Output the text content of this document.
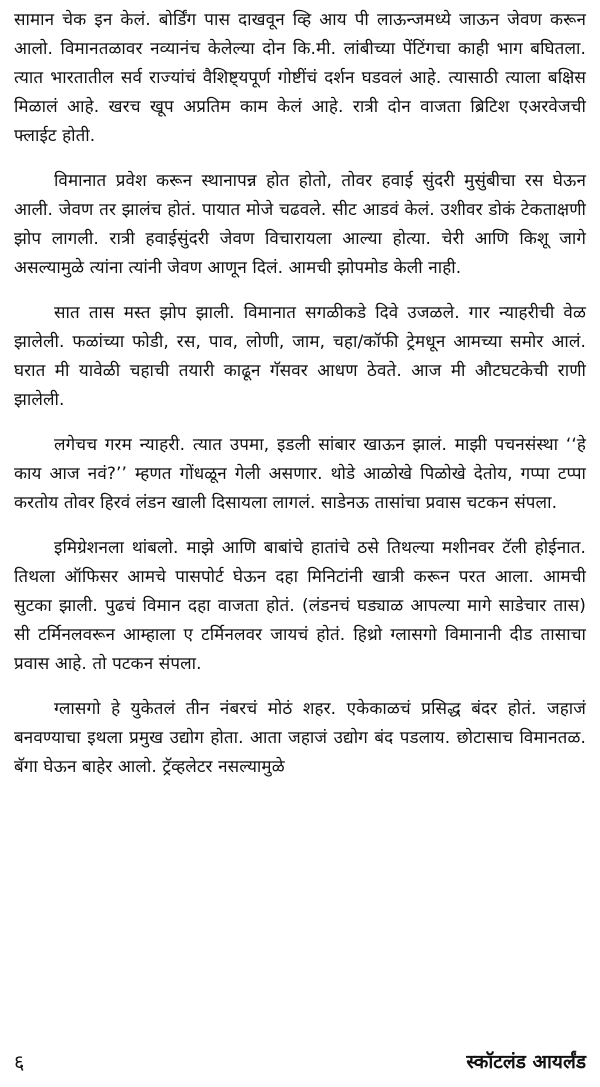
सामान चेक इन केलं. बोर्डिंग पास दाखवून व्हि आय पी लाऊन्जमध्ये जाऊन जेवण करून आलो. विमानतळावर नव्यानंच केलेल्या दोन कि.मी. लांबीच्या पेंटिंगचा काही भाग बघितला. त्यात भारतातील सर्व राज्यांचं वैशिष्ट्यपूर्ण गोष्टींचं दर्शन घडवलं आहे. त्यासाठी त्याला बक्षिस मिळालं आहे. खरच खूप अप्रतिम काम केलं आहे. रात्री दोन वाजता ब्रिटिश एअरवेजची फ्लाईट होती.

विमानात प्रवेश करून स्थानापन्न होत होतो, तोवर हवाई सुंदरी मुसुंबीचा रस घेऊन आली. जेवण तर झालंच होतं. पायात मोजे चढवले. सीट आडवं केलं. उशीवर डोकं टेकताक्षणी झोप लागली. रात्री हवाईसुंदरी जेवण विचारायला आल्या होत्या. चेरी आणि किशू जागे असल्यामुळे त्यांना त्यांनी जेवण आणून दिलं. आमची झोपमोड केली नाही.

सात तास मस्त झोप झाली. विमानात सगळीकडे दिवे उजळले. गार न्याहरीची वेळ झालेली. फळांच्या फोडी, रस, पाव, लोणी, जाम, चहा/कॉफी ट्रेमधून आमच्या समोर आलं. घरात मी यावेळी चहाची तयारी काढून गॅसवर आधण ठेवते. आज मी औटघटकेची राणी झालेली.

लगेचच गरम न्याहरी. त्यात उपमा, इडली सांबार खाऊन झालं. माझी पचनसंस्था ‘‘हे काय आज नवं?’’ म्हणत गोंधळून गेली असणार. थोडे आळोखे पिळोखे देतोय, गप्पा टप्पा करतोय तोवर हिरवं लंडन खाली दिसायला लागलं. साडेनऊ तासांचा प्रवास चटकन संपला.

इमिग्रेशनला थांबलो. माझे आणि बाबांचे हातांचे ठसे तिथल्या मशीनवर टॅली होईनात. तिथला ऑफिसर आमचे पासपोर्ट घेऊन दहा मिनिटांनी खात्री करून परत आला. आमची सुटका झाली. पुढचं विमान दहा वाजता होतं. (लंडनचं घड्याळ आपल्या मागे साडेचार तास) सी टर्मिनलवरून आम्हाला ए टर्मिनलवर जायचं होतं. हिथ्रो ग्लासगो विमानानी दीड तासाचा प्रवास आहे. तो पटकन संपला.

ग्लासगो हे युकेतलं तीन नंबरचं मोठं शहर. एकेकाळचं प्रसिद्ध बंदर होतं. जहाजं बनवण्याचा इथला प्रमुख उद्योग होता. आता जहाजं उद्योग बंद पडलाय. छोटासाच विमानतळ. बॅगा घेऊन बाहेर आलो. ट्रॅव्हलेटर नसल्यामुळे

६	स्कॉटलंड आयर्लंड
